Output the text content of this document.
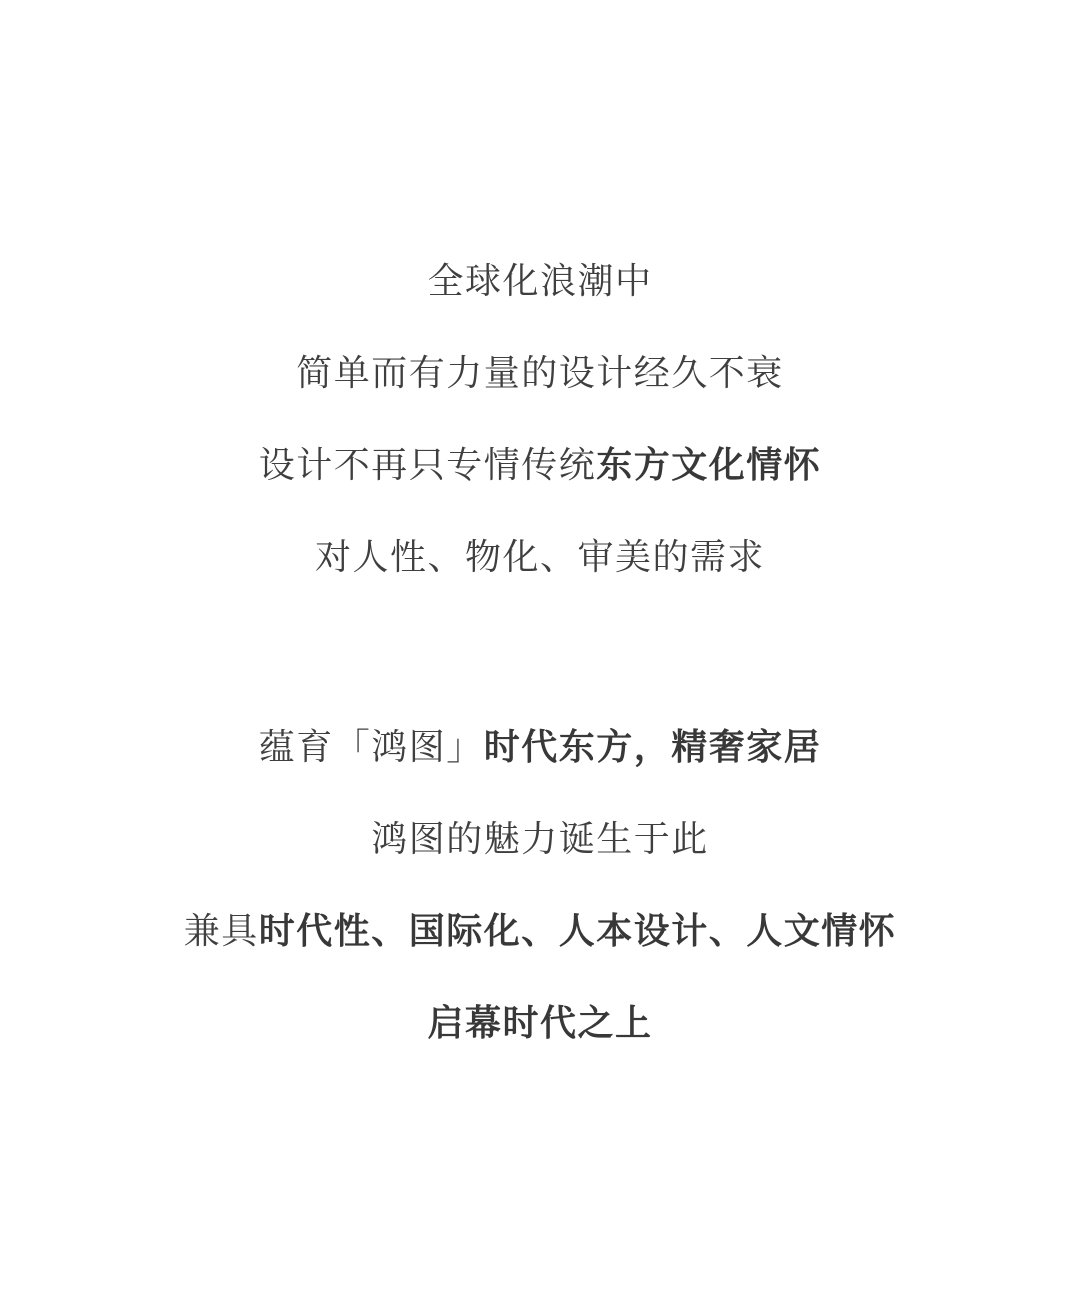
全球化浪潮中
简单而有力量的设计经久不衰
设计不再只专情传统东方文化情怀
对人性、物化、审美的需求
蕴育「鸿图」时代东方，精奢家居
鸿图的魅力诞生于此
兼具时代性、国际化、人本设计、人文情怀
启幕时代之上
